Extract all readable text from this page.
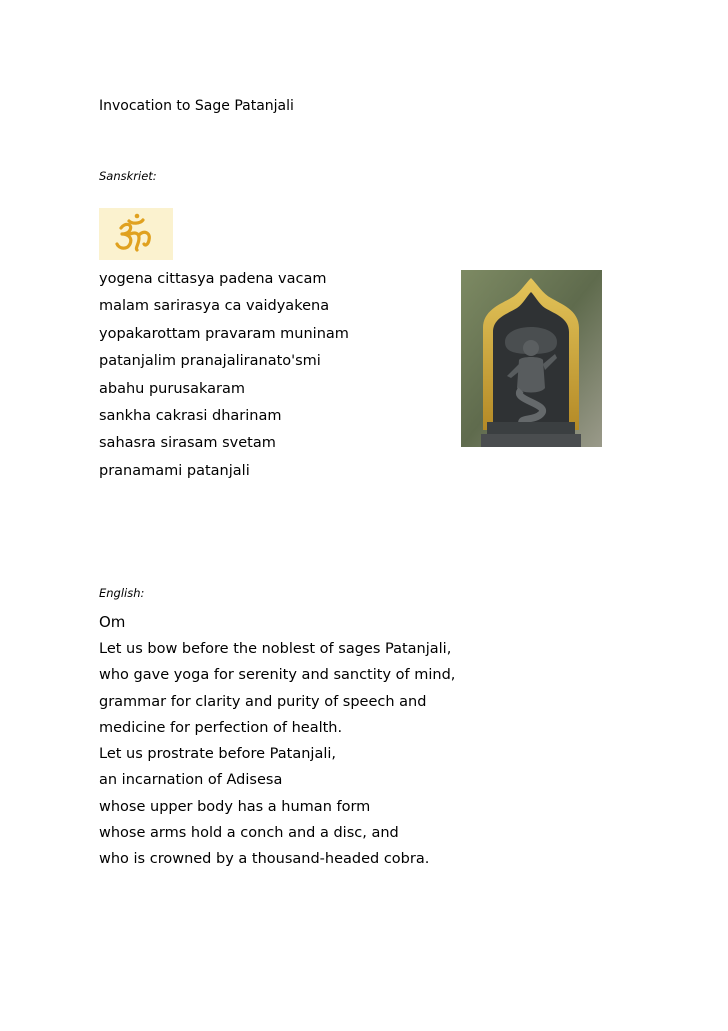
Invocation to Sage Patanjali
Sanskriet:
yogena cittasya padena vacam
malam sarirasya ca vaidyakena
yopakarottam pravaram muninam
patanjalim pranajaliranato'smi
abahu purusakaram
sankha cakrasi dharinam
sahasra sirasam svetam
pranamami patanjali
English:
Om
Let us bow before the noblest of sages Patanjali,
who gave yoga for serenity and sanctity of mind,
grammar for clarity and purity of speech and
medicine for perfection of health.
Let us prostrate before Patanjali,
an incarnation of Adisesa
whose upper body has a human form
whose arms hold a conch and a disc, and
who is crowned by a thousand-headed cobra.
